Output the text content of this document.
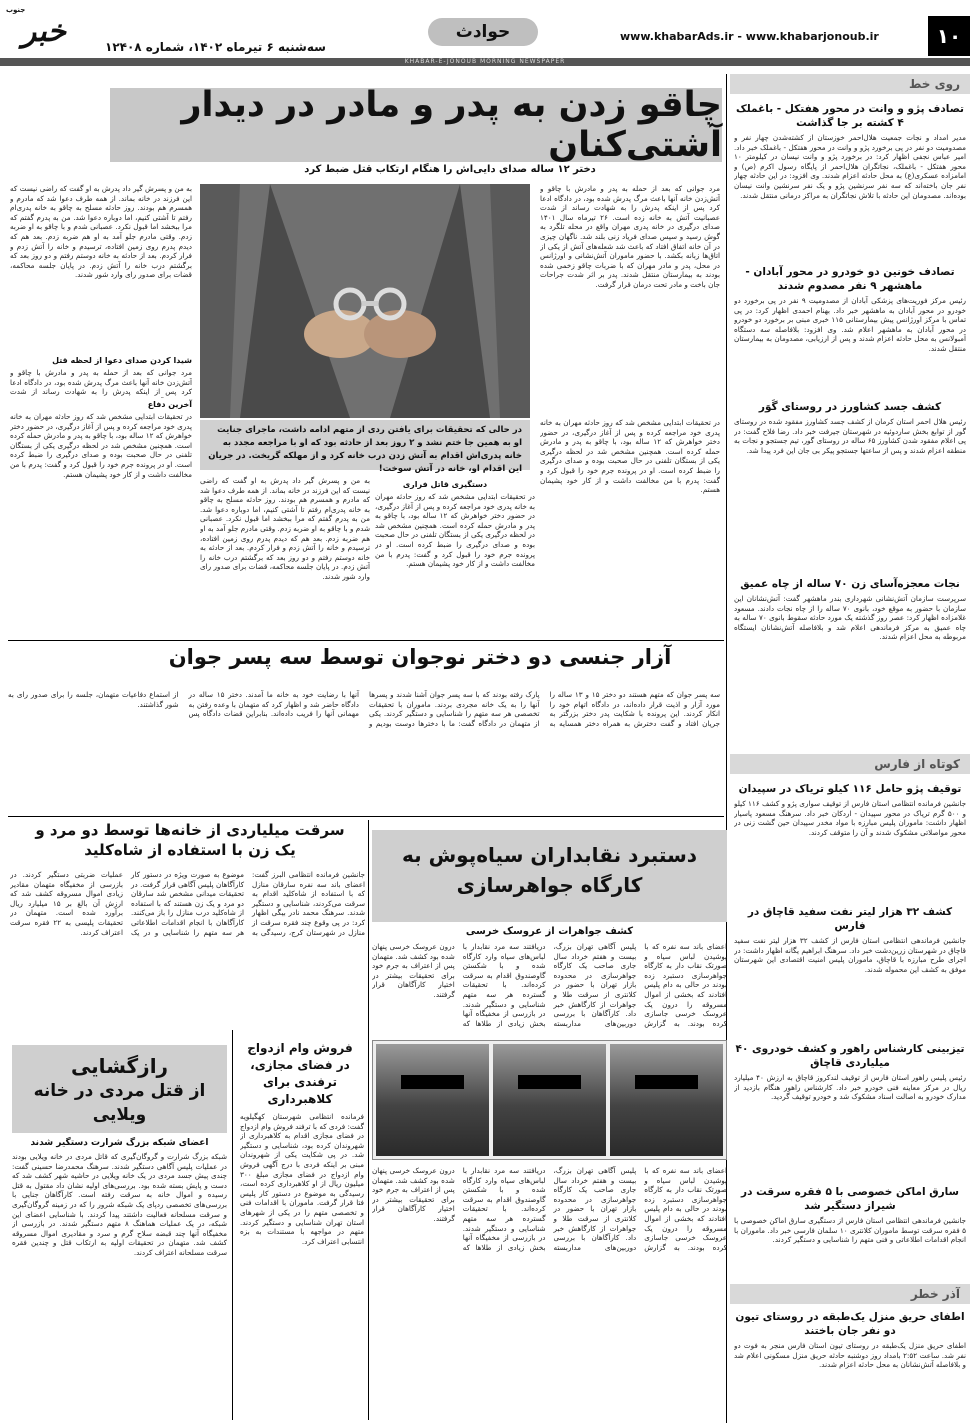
خبر
جنوب
سه‌شنبه ۶ تیرماه ۱۴۰۲، شماره ۱۲۴۰۸
حوادث	www.khabarAds.ir - www.khabarjonoub.ir	۱۰
KHABAR-E-JONOUB MORNING NEWSPAPER
روی خط
تصادف پژو و وانت در محور هفتکل - باغملک ۴ کشته بر جا گذاشت
مدیر امداد و نجات جمعیت هلال‌احمر خوزستان از کشته‌شدن چهار نفر و مصدومیت دو نفر در پی برخورد پژو و وانت در محور هفتکل - باغملک خبر داد. امیر عباس نجفی اظهار کرد: در برخورد پژو و وانت نیسان در کیلومتر ۱۰ محور هفتکل - باغملک، نجاتگران هلال‌احمر از پایگاه رسول اکرم (ص) و امامزاده عسکری(ع) به محل حادثه اعزام شدند. وی افزود: در این حادثه چهار نفر جان باخته‌اند که سه نفر سرنشین پژو و یک نفر سرنشین وانت نیسان بوده‌اند. مصدومان این حادثه با تلاش نجاتگران به مراکز درمانی منتقل شدند.
تصادف خونین دو خودرو در محور آبادان - ماهشهر ۹ نفر مصدوم شدند
رئیس مرکز فوریت‌های پزشکی آبادان از مصدومیت ۹ نفر در پی برخورد دو خودرو در محور آبادان به ماهشهر خبر داد. بهنام احمدی اظهار کرد: در پی تماس با مرکز اورژانس پیش بیمارستانی ۱۱۵ خبری مبنی بر برخورد دو خودرو در محور آبادان به ماهشهر اعلام شد. وی افزود: بلافاصله سه دستگاه آمبولانس به محل حادثه اعزام شدند و پس از ارزیابی، مصدومان به بیمارستان منتقل شدند.
کشف جسد کشاورز در روستای گَوَر
رئیس هلال احمر استان کرمان از کشف جسد کشاورز مفقود شده در روستای گور از توابع بخش ساردوئیه در شهرستان جیرفت خبر داد. رضا فلاح گفت: در پی اعلام مفقود شدن کشاورز ۶۵ ساله در روستای گور، تیم جستجو و نجات به منطقه اعزام شدند و پس از ساعتها جستجو پیکر بی جان این فرد پیدا شد.
نجات معجزه‌آسای زن ۷۰ ساله از چاه عمیق
سرپرست سازمان آتش‌نشانی شهرداری بندر ماهشهر گفت: آتش‌نشانان این سازمان با حضور به موقع خود، بانوی ۷۰ ساله را از چاه نجات دادند. مسعود غلامزاده اظهار کرد: عصر روز گذشته یک مورد حادثه سقوط بانوی ۷۰ ساله به چاه عمیق به مرکز فرماندهی اعلام شد و بلافاصله آتش‌نشانان ایستگاه مربوطه به محل اعزام شدند.
کوتاه از فارس
توقیف پژو حامل ۱۱۶ کیلو تریاک در سپیدان
جانشین فرمانده انتظامی استان فارس از توقیف سواری پژو و کشف ۱۱۶ کیلو و ۵۰۰ گرم تریاک در محور سپیدان - اردکان خبر داد. سرهنگ مسعود پاسیار اظهار داشت: ماموران پلیس مبارزه با مواد مخدر سپیدان حین گشت زنی در محور مواصلاتی مشکوک شدند و آن را متوقف کردند.
کشف ۳۲ هزار لیتر نفت سفید قاچاق در فارس
جانشین فرماندهی انتظامی استان فارس از کشف ۳۲ هزار لیتر نفت سفید قاچاق در شهرستان زرین‌دشت خبر داد. سرهنگ ابراهیم یگانه اظهار داشت: در اجرای طرح مبارزه با قاچاق، ماموران پلیس امنیت اقتصادی این شهرستان موفق به کشف این محموله شدند.
تیزبینی کارشناس راهور و کشف خودروی ۴۰ میلیاردی قاچاق
رئیس پلیس راهور استان فارس از توقیف لندکروز قاچاق به ارزش ۴۰ میلیارد ریال در مرکز معاینه فنی خودرو خبر داد. کارشناس راهور هنگام بازدید از مدارک خودرو به اصالت اسناد مشکوک شد و خودرو توقیف گردید.
سارق اماکن خصوصی با ۵ فقره سرقت در شیراز دستگیر شد
جانشین فرماندهی انتظامی استان فارس از دستگیری سارق اماکن خصوصی با ۵ فقره سرقت توسط ماموران کلانتری ۱۰ سلمان فارسی خبر داد. ماموران با انجام اقدامات اطلاعاتی و فنی متهم را شناسایی و دستگیر کردند.
آذر خطر
اطفای حریق منزل یک‌طبقه در روستای تیون دو نفر جان باختند
اطفای حریق منزل یک‌طبقه در روستای تیون استان فارس منجر به فوت دو نفر شد. ساعت ۲:۵۲ بامداد روز دوشنبه حادثه حریق منزل مسکونی اعلام شد و بلافاصله آتش‌نشانان به محل حادثه اعزام شدند.
چاقو زدن به پدر و مادر در دیدار آشتی‌کنان
دختر ۱۲ ساله صدای دایی‌اش را هنگام ارتکاب قتل ضبط کرد
در حالی که تحقیقات برای یافتن ردی از متهم ادامه داشت، ماجرای جنایت او به همین جا ختم نشد و ۲ روز بعد از حادثه بود که او با مراجعه مجدد به خانه پدری‌اش اقدام به آتش زدن درب خانه کرد و از مهلکه گریخت. در جریان این اقدام او، خانه در آتش سوخت!
مرد جوانی که بعد از حمله به پدر و مادرش با چاقو و آتش‌زدن خانه آنها باعث مرگ پدرش شده بود، در دادگاه ادعا کرد پس از اینکه پدرش را به شهادت رساند از شدت عصبانیت آتش به خانه زده است. ۲۶ تیرماه سال ۱۴۰۱ صدای درگیری در خانه پدری مهران واقع در محله تلگرد به گوش رسید و سپس صدای فریاد زنی بلند شد. ناگهان چیزی در آن خانه اتفاق افتاد که باعث شد شعله‌های آتش از یکی از اتاق‌ها زبانه بکشد. با حضور ماموران آتش‌نشانی و اورژانس در محل، پدر و مادر مهران که با ضربات چاقو زخمی شده بودند به بیمارستان منتقل شدند. پدر بر اثر شدت جراحات جان باخت و مادر تحت درمان قرار گرفت.
در تحقیقات ابتدایی مشخص شد که روز حادثه مهران به خانه پدری خود مراجعه کرده و پس از آغاز درگیری، در حضور دختر خواهرش که ۱۲ ساله بود، با چاقو به پدر و مادرش حمله کرده است. همچنین مشخص شد در لحظه درگیری یکی از بستگان تلفنی در حال صحبت بوده و صدای درگیری را ضبط کرده است. او در پرونده جرم خود را قبول کرد و گفت: پدرم با من مخالفت داشت و از کار خود پشیمان هستم.
دستگیری قاتل فراری
در تحقیقات ابتدایی مشخص شد که روز حادثه مهران به خانه پدری خود مراجعه کرده و پس از آغاز درگیری، در حضور دختر خواهرش که ۱۲ ساله بود، با چاقو به پدر و مادرش حمله کرده است. همچنین مشخص شد در لحظه درگیری یکی از بستگان تلفنی در حال صحبت بوده و صدای درگیری را ضبط کرده است. او در پرونده جرم خود را قبول کرد و گفت: پدرم با من مخالفت داشت و از کار خود پشیمان هستم.
به من و پسرش گیر داد پدرش به او گفت که راضی نیست که این فرزند در خانه بماند. از همه طرف دعوا شد که مادرم و همسرم هم بودند. روز حادثه مسلح به چاقو به خانه پدری‌ام رفتم تا آشتی کنیم، اما دوباره دعوا شد. من به پدرم گفتم که مرا ببخشد اما قبول نکرد. عصبانی شدم و با چاقو به او ضربه زدم. وقتی مادرم جلو آمد به او هم ضربه زدم. بعد هم که دیدم پدرم روی زمین افتاده، ترسیدم و خانه را آتش زدم و فرار کردم. بعد از حادثه به خانه دوستم رفتم و دو روز بعد که برگشتم درب خانه را آتش زدم. در پایان جلسه محاکمه، قضات برای صدور رای وارد شور شدند.
به من و پسرش گیر داد پدرش به او گفت که راضی نیست که این فرزند در خانه بماند. از همه طرف دعوا شد که مادرم و همسرم هم بودند. روز حادثه مسلح به چاقو به خانه پدری‌ام رفتم تا آشتی کنیم، اما دوباره دعوا شد. من به پدرم گفتم که مرا ببخشد اما قبول نکرد. عصبانی شدم و با چاقو به او ضربه زدم. وقتی مادرم جلو آمد به او هم ضربه زدم. بعد هم که دیدم پدرم روی زمین افتاده، ترسیدم و خانه را آتش زدم و فرار کردم. بعد از حادثه به خانه دوستم رفتم و دو روز بعد که برگشتم درب خانه را آتش زدم. در پایان جلسه محاکمه، قضات برای صدور رای وارد شور شدند.
شیدا کردن صدای دعوا از لحظه قتل
مرد جوانی که بعد از حمله به پدر و مادرش با چاقو و آتش‌زدن خانه آنها باعث مرگ پدرش شده بود، در دادگاه ادعا کرد پس از اینکه پدرش را به شهادت رساند از شدت
آخرین دفاع
در تحقیقات ابتدایی مشخص شد که روز حادثه مهران به خانه پدری خود مراجعه کرده و پس از آغاز درگیری، در حضور دختر خواهرش که ۱۲ ساله بود، با چاقو به پدر و مادرش حمله کرده است. همچنین مشخص شد در لحظه درگیری یکی از بستگان تلفنی در حال صحبت بوده و صدای درگیری را ضبط کرده است. او در پرونده جرم خود را قبول کرد و گفت: پدرم با من مخالفت داشت و از کار خود پشیمان هستم.
آزار جنسی دو دختر نوجوان توسط سه پسر جوان
سه پسر جوان که متهم هستند دو دختر ۱۵ و ۱۳ ساله را مورد آزار و اذیت قرار داده‌اند، در دادگاه اتهام خود را انکار کردند. این پرونده با شکایت پدر دختر بزرگتر به جریان افتاد و گفت دخترش به همراه دختر همسایه به پارک رفته بودند که با سه پسر جوان آشنا شدند و پسرها آنها را به یک خانه مجردی بردند. ماموران با تحقیقات تخصصی هر سه متهم را شناسایی و دستگیر کردند. یکی از متهمان در دادگاه گفت: ما با دخترها دوست بودیم و آنها با رضایت خود به خانه ما آمدند. دختر ۱۵ ساله در دادگاه حاضر شد و اظهار کرد که متهمان با وعده رفتن به مهمانی آنها را فریب داده‌اند. بنابراین قضات دادگاه پس از استماع دفاعیات متهمان، جلسه را برای صدور رای به شور گذاشتند.
سرقت میلیاردی از خانه‌ها توسط دو مرد و یک زن با استفاده از شاه‌کلید
جانشین فرمانده انتظامی البرز گفت: اعضای باند سه نفره سارقان منازل که با استفاده از شاه‌کلید اقدام به سرقت می‌کردند، شناسایی و دستگیر شدند. سرهنگ محمد نادر بیگی اظهار کرد: در پی وقوع چند فقره سرقت از منازل در شهرستان کرج، رسیدگی به موضوع به صورت ویژه در دستور کار کارآگاهان پلیس آگاهی قرار گرفت. در تحقیقات میدانی مشخص شد سارقان دو مرد و یک زن هستند که با استفاده از شاه‌کلید درب منازل را باز می‌کنند. کارآگاهان با انجام اقدامات اطلاعاتی هر سه متهم را شناسایی و در یک عملیات ضربتی دستگیر کردند. در بازرسی از مخفیگاه متهمان مقادیر زیادی اموال مسروقه کشف شد که ارزش آن بالغ بر ۱۵ میلیارد ریال برآورد شده است. متهمان در تحقیقات پلیسی به ۲۲ فقره سرقت اعتراف کردند.
دستبرد نقابداران سیاه‌پوش به کارگاه جواهرسازی
کشف جواهرات از عروسک خرسی
اعضای باند سه نفره که با پوشیدن لباس سیاه و صورتک نقاب دار به کارگاه جواهرسازی دستبرد زده بودند در حالی به دام پلیس افتادند که بخشی از اموال مسروقه را درون یک عروسک خرسی جاسازی کرده بودند. به گزارش پلیس آگاهی تهران بزرگ، بیست و هفتم خرداد سال جاری صاحب یک کارگاه جواهرسازی در محدوده بازار تهران با حضور در کلانتری از سرقت طلا و جواهرات از کارگاهش خبر داد. کارآگاهان با بررسی دوربین‌های مداربسته دریافتند سه مرد نقابدار با لباس‌های سیاه وارد کارگاه شده و با شکستن گاوصندوق اقدام به سرقت کرده‌اند. با تحقیقات گسترده هر سه متهم شناسایی و دستگیر شدند. در بازرسی از مخفیگاه آنها بخش زیادی از طلاها که درون عروسک خرسی پنهان شده بود کشف شد. متهمان پس از اعتراف به جرم خود برای تحقیقات بیشتر در اختیار کارآگاهان قرار گرفتند.
اعضای باند سه نفره که با پوشیدن لباس سیاه و صورتک نقاب دار به کارگاه جواهرسازی دستبرد زده بودند در حالی به دام پلیس افتادند که بخشی از اموال مسروقه را درون یک عروسک خرسی جاسازی کرده بودند. به گزارش پلیس آگاهی تهران بزرگ، بیست و هفتم خرداد سال جاری صاحب یک کارگاه جواهرسازی در محدوده بازار تهران با حضور در کلانتری از سرقت طلا و جواهرات از کارگاهش خبر داد. کارآگاهان با بررسی دوربین‌های مداربسته دریافتند سه مرد نقابدار با لباس‌های سیاه وارد کارگاه شده و با شکستن گاوصندوق اقدام به سرقت کرده‌اند. با تحقیقات گسترده هر سه متهم شناسایی و دستگیر شدند. در بازرسی از مخفیگاه آنها بخش زیادی از طلاها که درون عروسک خرسی پنهان شده بود کشف شد. متهمان پس از اعتراف به جرم خود برای تحقیقات بیشتر در اختیار کارآگاهان قرار گرفتند.
فروش وام ازدواج در فضای مجازی، ترفندی برای کلاهبرداری
فرمانده انتظامی شهرستان کهگیلویه گفت: فردی که با ترفند فروش وام ازدواج در فضای مجازی اقدام به کلاهبرداری از شهروندان کرده بود، شناسایی و دستگیر شد. در پی شکایت یکی از شهروندان مبنی بر اینکه فردی با درج آگهی فروش وام ازدواج در فضای مجازی مبلغ ۳۰۰ میلیون ریال از او کلاهبرداری کرده است، رسیدگی به موضوع در دستور کار پلیس فتا قرار گرفت. ماموران با اقدامات فنی و تخصصی متهم را در یکی از شهرهای استان تهران شناسایی و دستگیر کردند. متهم در مواجهه با مستندات به بزه انتسابی اعتراف کرد.
رازگشایی
از قتل مردی در خانه ویلایی
اعضای شبکه بزرگ شرارت دستگیر شدند
شبکه بزرگ شرارت و گروگان‌گیری که قاتل مردی در خانه ویلایی بودند در عملیات پلیس آگاهی دستگیر شدند. سرهنگ محمدرضا حسینی گفت: چندی پیش جسد مردی در یک خانه ویلایی در حاشیه شهر کشف شد که دست و پایش بسته شده بود. بررسی‌های اولیه نشان داد مقتول به قتل رسیده و اموال خانه به سرقت رفته است. کارآگاهان جنایی با بررسی‌های تخصصی ردپای یک شبکه شرور را که در زمینه گروگان‌گیری و سرقت مسلحانه فعالیت داشتند پیدا کردند. با شناسایی اعضای این شبکه، در یک عملیات هماهنگ ۸ متهم دستگیر شدند. در بازرسی از مخفیگاه آنها چند قبضه سلاح گرم و سرد و مقادیری اموال مسروقه کشف شد. متهمان در تحقیقات اولیه به ارتکاب قتل و چندین فقره سرقت مسلحانه اعتراف کردند.
